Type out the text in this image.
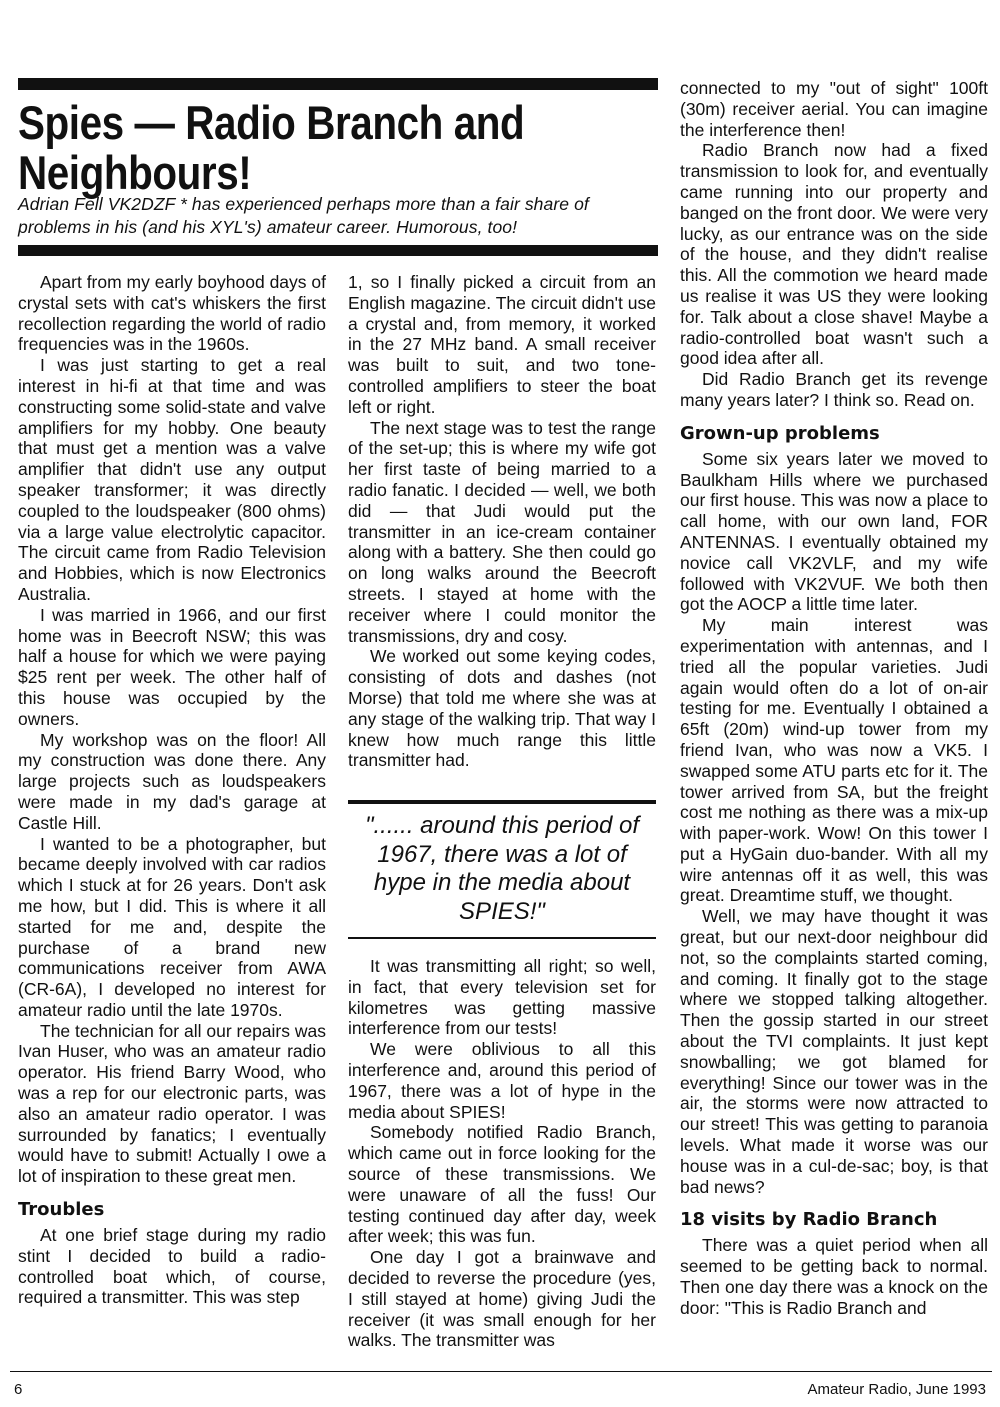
Spies — Radio Branch and
Neighbours!
Adrian Fell VK2DZF * has experienced perhaps more than a fair share of problems in his (and his XYL's) amateur career. Humorous, too!

Apart from my early boyhood days of crystal sets with cat's whiskers the first recollection regarding the world of radio frequencies was in the 1960s.

I was just starting to get a real interest in hi-fi at that time and was constructing some solid-state and valve amplifiers for my hobby. One beauty that must get a mention was a valve amplifier that didn't use any output speaker transformer; it was directly coupled to the loudspeaker (800 ohms) via a large value electrolytic capacitor. The circuit came from Radio Television and Hobbies, which is now Electronics Australia.

I was married in 1966, and our first home was in Beecroft NSW; this was half a house for which we were paying $25 rent per week. The other half of this house was occupied by the owners.

My workshop was on the floor! All my construction was done there. Any large projects such as loudspeakers were made in my dad's garage at Castle Hill.

I wanted to be a photographer, but became deeply involved with car radios which I stuck at for 26 years. Don't ask me how, but I did. This is where it all started for me and, despite the purchase of a brand new communications receiver from AWA (CR-6A), I developed no interest for amateur radio until the late 1970s.

The technician for all our repairs was Ivan Huser, who was an amateur radio operator. His friend Barry Wood, who was a rep for our electronic parts, was also an amateur radio operator. I was surrounded by fanatics; I eventually would have to submit! Actually I owe a lot of inspiration to these great men.

Troubles

At one brief stage during my radio stint I decided to build a radio-controlled boat which, of course, required a transmitter. This was step

1, so I finally picked a circuit from an English magazine. The circuit didn't use a crystal and, from memory, it worked in the 27 MHz band. A small receiver was built to suit, and two tone-controlled amplifiers to steer the boat left or right.

The next stage was to test the range of the set-up; this is where my wife got her first taste of being married to a radio fanatic. I decided — well, we both did — that Judi would put the transmitter in an ice-cream container along with a battery. She then could go on long walks around the Beecroft streets. I stayed at home with the receiver where I could monitor the transmissions, dry and cosy.

We worked out some keying codes, consisting of dots and dashes (not Morse) that told me where she was at any stage of the walking trip. That way I knew how much range this little transmitter had.

"...... around this period of 1967, there was a lot of hype in the media about SPIES!"

It was transmitting all right; so well, in fact, that every television set for kilometres was getting massive interference from our tests!

We were oblivious to all this interference and, around this period of 1967, there was a lot of hype in the media about SPIES!

Somebody notified Radio Branch, which came out in force looking for the source of these transmissions. We were unaware of all the fuss! Our testing continued day after day, week after week; this was fun.

One day I got a brainwave and decided to reverse the procedure (yes, I still stayed at home) giving Judi the receiver (it was small enough for her walks. The transmitter was

connected to my "out of sight" 100ft (30m) receiver aerial. You can imagine the interference then!

Radio Branch now had a fixed transmission to look for, and eventually came running into our property and banged on the front door. We were very lucky, as our entrance was on the side of the house, and they didn't realise this. All the commotion we heard made us realise it was US they were looking for. Talk about a close shave! Maybe a radio-controlled boat wasn't such a good idea after all.

Did Radio Branch get its revenge many years later? I think so. Read on.

Grown-up problems

Some six years later we moved to Baulkham Hills where we purchased our first house. This was now a place to call home, with our own land, FOR ANTENNAS. I eventually obtained my novice call VK2VLF, and my wife followed with VK2VUF. We both then got the AOCP a little time later.

My main interest was experimentation with antennas, and I tried all the popular varieties. Judi again would often do a lot of on-air testing for me. Eventually I obtained a 65ft (20m) wind-up tower from my friend Ivan, who was now a VK5. I swapped some ATU parts etc for it. The tower arrived from SA, but the freight cost me nothing as there was a mix-up with paper-work. Wow! On this tower I put a HyGain duo-bander. With all my wire antennas off it as well, this was great. Dreamtime stuff, we thought.

Well, we may have thought it was great, but our next-door neighbour did not, so the complaints started coming, and coming. It finally got to the stage where we stopped talking altogether. Then the gossip started in our street about the TVI complaints. It just kept snowballing; we got blamed for everything! Since our tower was in the air, the storms were now attracted to our street! This was getting to paranoia levels. What made it worse was our house was in a cul-de-sac; boy, is that bad news?

18 visits by Radio Branch

There was a quiet period when all seemed to be getting back to normal. Then one day there was a knock on the door: "This is Radio Branch and

6	Amateur Radio, June 1993
